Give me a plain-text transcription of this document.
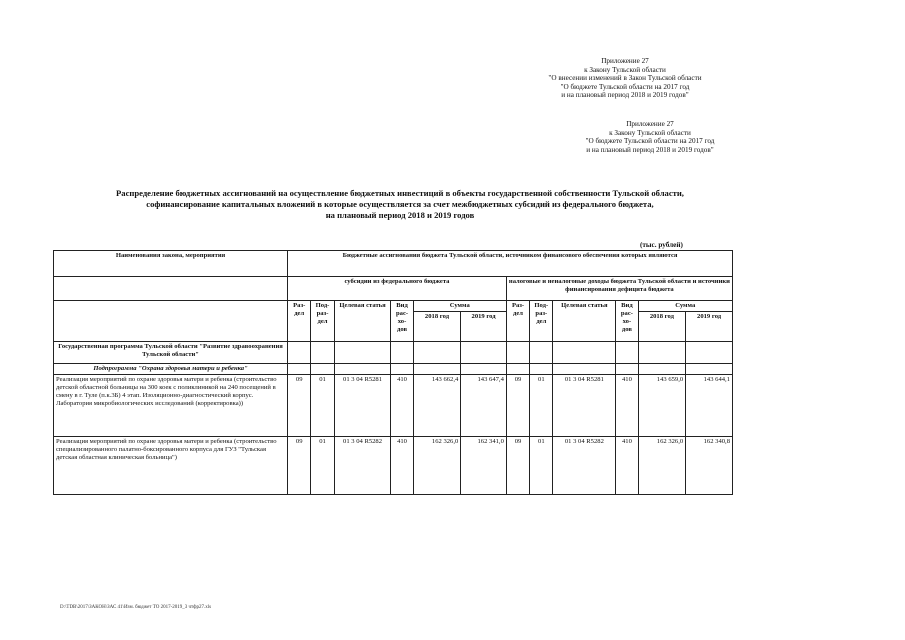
Приложение 27
к Закону Тульской области
"О внесении изменений в Закон Тульской области
"О бюджете Тульской области на 2017 год
и на плановый период 2018 и 2019 годов"
Приложение 27
к Закону Тульской области
"О бюджете Тульской области на 2017 год
и на плановый период 2018 и 2019 годов"
Распределение бюджетных ассигнований на осуществление бюджетных инвестиций в объекты государственной собственности Тульской области,
софинансирование капитальных вложений в которые осуществляется за счет межбюджетных субсидий из федерального бюджета,
на плановый период 2018 и 2019 годов
(тыс. рублей)
Наименования закона, мероприятия	Бюджетные ассигнования бюджета Тульской области, источником финансового обеспечения которых являются											
	субсидии из федерального бюджета						налоговые и неналоговые доходы бюджета Тульской области и источники финансирования дефицита бюджета					
	Раз-дел	Под-раз-дел	Целевая статья	Вид рас-хо-дов	Сумма		Раз-дел	Под-раз-дел	Целевая статья	Вид рас-хо-дов	Сумма	
					2018 год	2019 год					2018 год	2019 год
Государственная программа Тульской области "Развитие здравоохранения Тульской области"												
Подпрограмма "Охрана здоровья матери и ребенка"												
Реализация мероприятий по охране здоровья матери и ребенка (строительство детской областной больницы на 300 коек с поликлиникой на 240 посещений в смену в г. Туле (п.к.3Б) 4 этап. Изоляционно-диагностический корпус. Лаборатория микробиологических исследований (корректировка))	09	01	01 3 04 R5281	410	143 662,4	143 647,4	09	01	01 3 04 R5281	410	143 659,0	143 644,1
Реализация мероприятий по охране здоровья матери и ребенка (строительство специализированного палатно-боксированного корпуса для ГУЗ "Тульская детская областная клиническая больница")	09	01	01 3 04 R5282	410	162 326,0	162 341,0	09	01	01 3 04 R5282	410	162 326,0	162 340,8
D:\TDB\2017\ЗАКОН\ЗАС 41\Изм. бюджет ТО 2017-2019_3 чтфр27.xls
